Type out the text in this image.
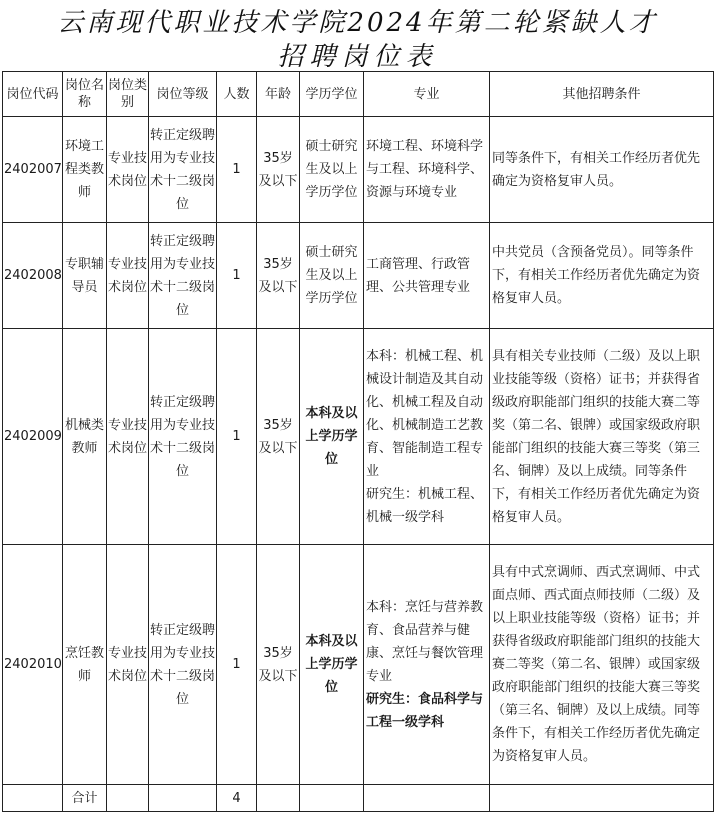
云南现代职业技术学院2024年第二轮紧缺人才
招聘岗位表
岗位代码	岗位名称	岗位类别	岗位等级	人数	年龄	学历学位	专业	其他招聘条件
2402007	环境工程类教师	专业技术岗位	转正定级聘用为专业技术十二级岗位	1	35岁及以下	硕士研究生及以上学历学位	环境工程、环境科学与工程、环境科学、资源与环境专业	同等条件下，有相关工作经历者优先确定为资格复审人员。
2402008	专职辅导员	专业技术岗位	转正定级聘用为专业技术十二级岗位	1	35岁及以下	硕士研究生及以上学历学位	工商管理、行政管理、公共管理专业	中共党员（含预备党员）。同等条件下，有相关工作经历者优先确定为资格复审人员。
2402009	机械类教师	专业技术岗位	转正定级聘用为专业技术十二级岗位	1	35岁及以下	本科及以上学历学位	本科：机械工程、机械设计制造及其自动化、机械工程及自动化、机械制造工艺教育、智能制造工程专业
研究生：机械工程、机械一级学科	具有相关专业技师（二级）及以上职业技能等级（资格）证书；并获得省级政府职能部门组织的技能大赛二等奖（第二名、银牌）或国家级政府职能部门组织的技能大赛三等奖（第三名、铜牌）及以上成绩。同等条件下，有相关工作经历者优先确定为资格复审人员。
2402010	烹饪教师	专业技术岗位	转正定级聘用为专业技术十二级岗位	1	35岁及以下	本科及以上学历学位	本科：烹饪与营养教育、食品营养与健康、烹饪与餐饮管理专业
研究生：食品科学与工程一级学科	具有中式烹调师、西式烹调师、中式面点师、西式面点师技师（二级）及以上职业技能等级（资格）证书；并获得省级政府职能部门组织的技能大赛二等奖（第二名、银牌）或国家级政府职能部门组织的技能大赛三等奖（第三名、铜牌）及以上成绩。同等条件下，有相关工作经历者优先确定为资格复审人员。
	合计			4				
